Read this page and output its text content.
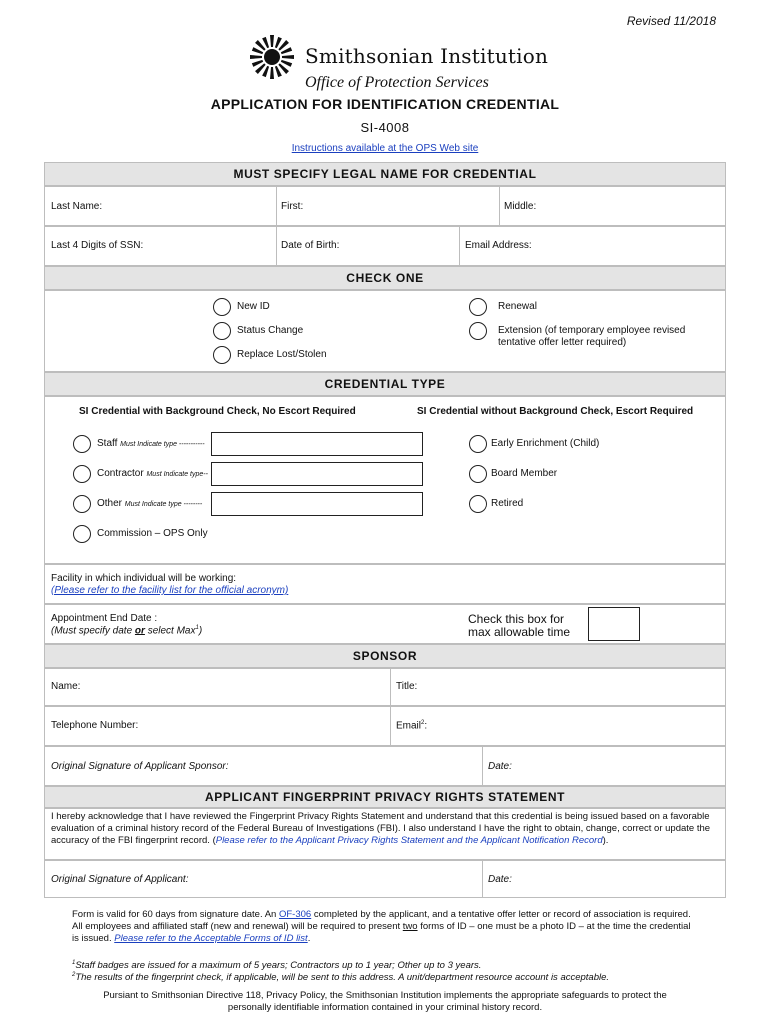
Revised 11/2018
Smithsonian Institution
Office of Protection Services
APPLICATION FOR IDENTIFICATION CREDENTIAL
SI-4008
Instructions available at the OPS Web site
MUST SPECIFY LEGAL NAME FOR CREDENTIAL
Last Name:	First:	Middle:
Last 4 Digits of SSN:	Date of Birth:	Email Address:
CHECK ONE
New ID
Status Change
Replace Lost/Stolen
Renewal
Extension (of temporary employee revised
tentative offer letter required)
CREDENTIAL TYPE
SI Credential with Background Check, No Escort Required	SI Credential without Background Check, Escort Required
Staff Must Indicate type -----------
Contractor Must Indicate type--
Other Must Indicate type --------
Commission – OPS Only
Early Enrichment (Child)
Board Member
Retired
Facility in which individual will be working:
(Please refer to the facility list for the official acronym)
Appointment End Date :
(Must specify date or select Max$^1$)
Check this box for
max allowable time
SPONSOR
Name:	Title:
Telephone Number:	Email$^2$:
Original Signature of Applicant Sponsor:	Date:
APPLICANT FINGERPRINT PRIVACY RIGHTS STATEMENT
I hereby acknowledge that I have reviewed the Fingerprint Privacy Rights Statement and understand that this credential is being issued based on a favorable evaluation of a criminal history record of the Federal Bureau of Investigations (FBI). I also understand I have the right to obtain, change, correct or update the accuracy of the FBI fingerprint record. (Please refer to the Applicant Privacy Rights Statement and the Applicant Notification Record).
Original Signature of Applicant:	Date:
Form is valid for 60 days from signature date. An OF-306 completed by the applicant, and a tentative offer letter or record of association is required. All employees and affiliated staff (new and renewal) will be required to present two forms of ID – one must be a photo ID – at the time the credential is issued. Please refer to the Acceptable Forms of ID list.
$^1$Staff badges are issued for a maximum of 5 years; Contractors up to 1 year; Other up to 3 years.
$^2$The results of the fingerprint check, if applicable, will be sent to this address. A unit/department resource account is acceptable.
Pursiant to Smithsonian Directive 118, Privacy Policy, the Smithsonian Institution implements the appropriate safeguards to protect the
personally identifiable information contained in your criminal history record.
